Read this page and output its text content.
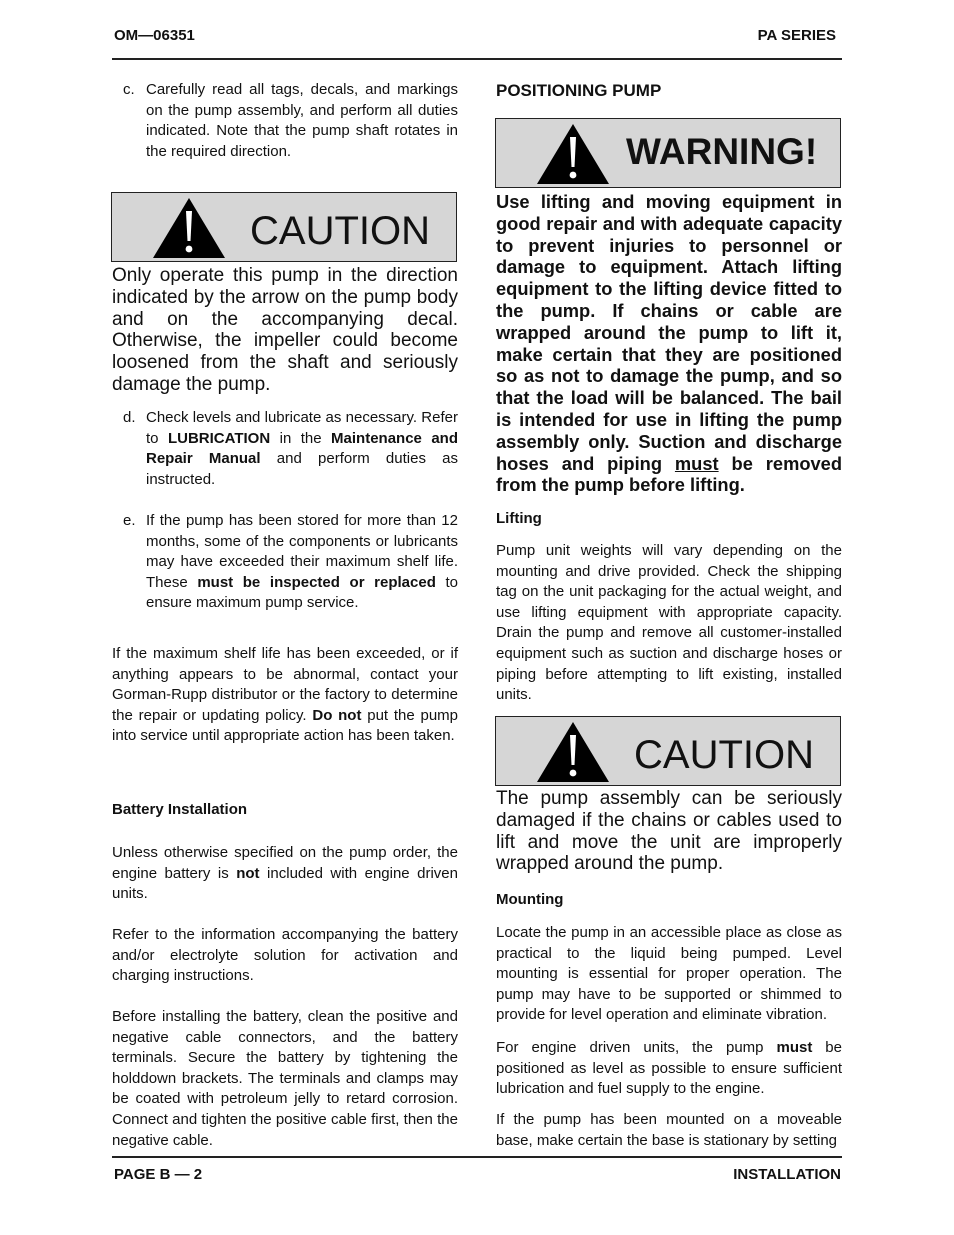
OM—06351	PA SERIES
c. Carefully read all tags, decals, and markings on the pump assembly, and perform all duties indicated. Note that the pump shaft rotates in the required direction.
CAUTION
Only operate this pump in the direction indicated by the arrow on the pump body and on the accompanying decal. Otherwise, the impeller could become loosened from the shaft and seriously damage the pump.
d. Check levels and lubricate as necessary. Refer to LUBRICATION in the Maintenance and Repair Manual and perform duties as instructed.
e. If the pump has been stored for more than 12 months, some of the components or lubricants may have exceeded their maximum shelf life. These must be inspected or replaced to ensure maximum pump service.

If the maximum shelf life has been exceeded, or if anything appears to be abnormal, contact your Gorman-Rupp distributor or the factory to determine the repair or updating policy. Do not put the pump into service until appropriate action has been taken.

Battery Installation

Unless otherwise specified on the pump order, the engine battery is not included with engine driven units.

Refer to the information accompanying the battery and/or electrolyte solution for activation and charging instructions.
Before installing the battery, clean the positive and negative cable connectors, and the battery terminals. Secure the battery by tightening the holddown brackets. The terminals and clamps may be coated with petroleum jelly to retard corrosion. Connect and tighten the positive cable first, then the negative cable.
POSITIONING PUMP
WARNING!
Use lifting and moving equipment in good repair and with adequate capacity to prevent injuries to personnel or damage to equipment. Attach lifting equipment to the lifting device fitted to the pump. If chains or cable are wrapped around the pump to lift it, make certain that they are positioned so as not to damage the pump, and so that the load will be balanced. The bail is intended for use in lifting the pump assembly only. Suction and discharge hoses and piping must be removed from the pump before lifting.
Lifting
Pump unit weights will vary depending on the mounting and drive provided. Check the shipping tag on the unit packaging for the actual weight, and use lifting equipment with appropriate capacity. Drain the pump and remove all customer-installed equipment such as suction and discharge hoses or piping before attempting to lift existing, installed units.
CAUTION
The pump assembly can be seriously damaged if the chains or cables used to lift and move the unit are improperly wrapped around the pump.
Mounting
Locate the pump in an accessible place as close as practical to the liquid being pumped. Level mounting is essential for proper operation. The pump may have to be supported or shimmed to provide for level operation and eliminate vibration.

For engine driven units, the pump must be positioned as level as possible to ensure sufficient lubrication and fuel supply to the engine.

If the pump has been mounted on a moveable base, make certain the base is stationary by setting
PAGE B — 2	INSTALLATION
